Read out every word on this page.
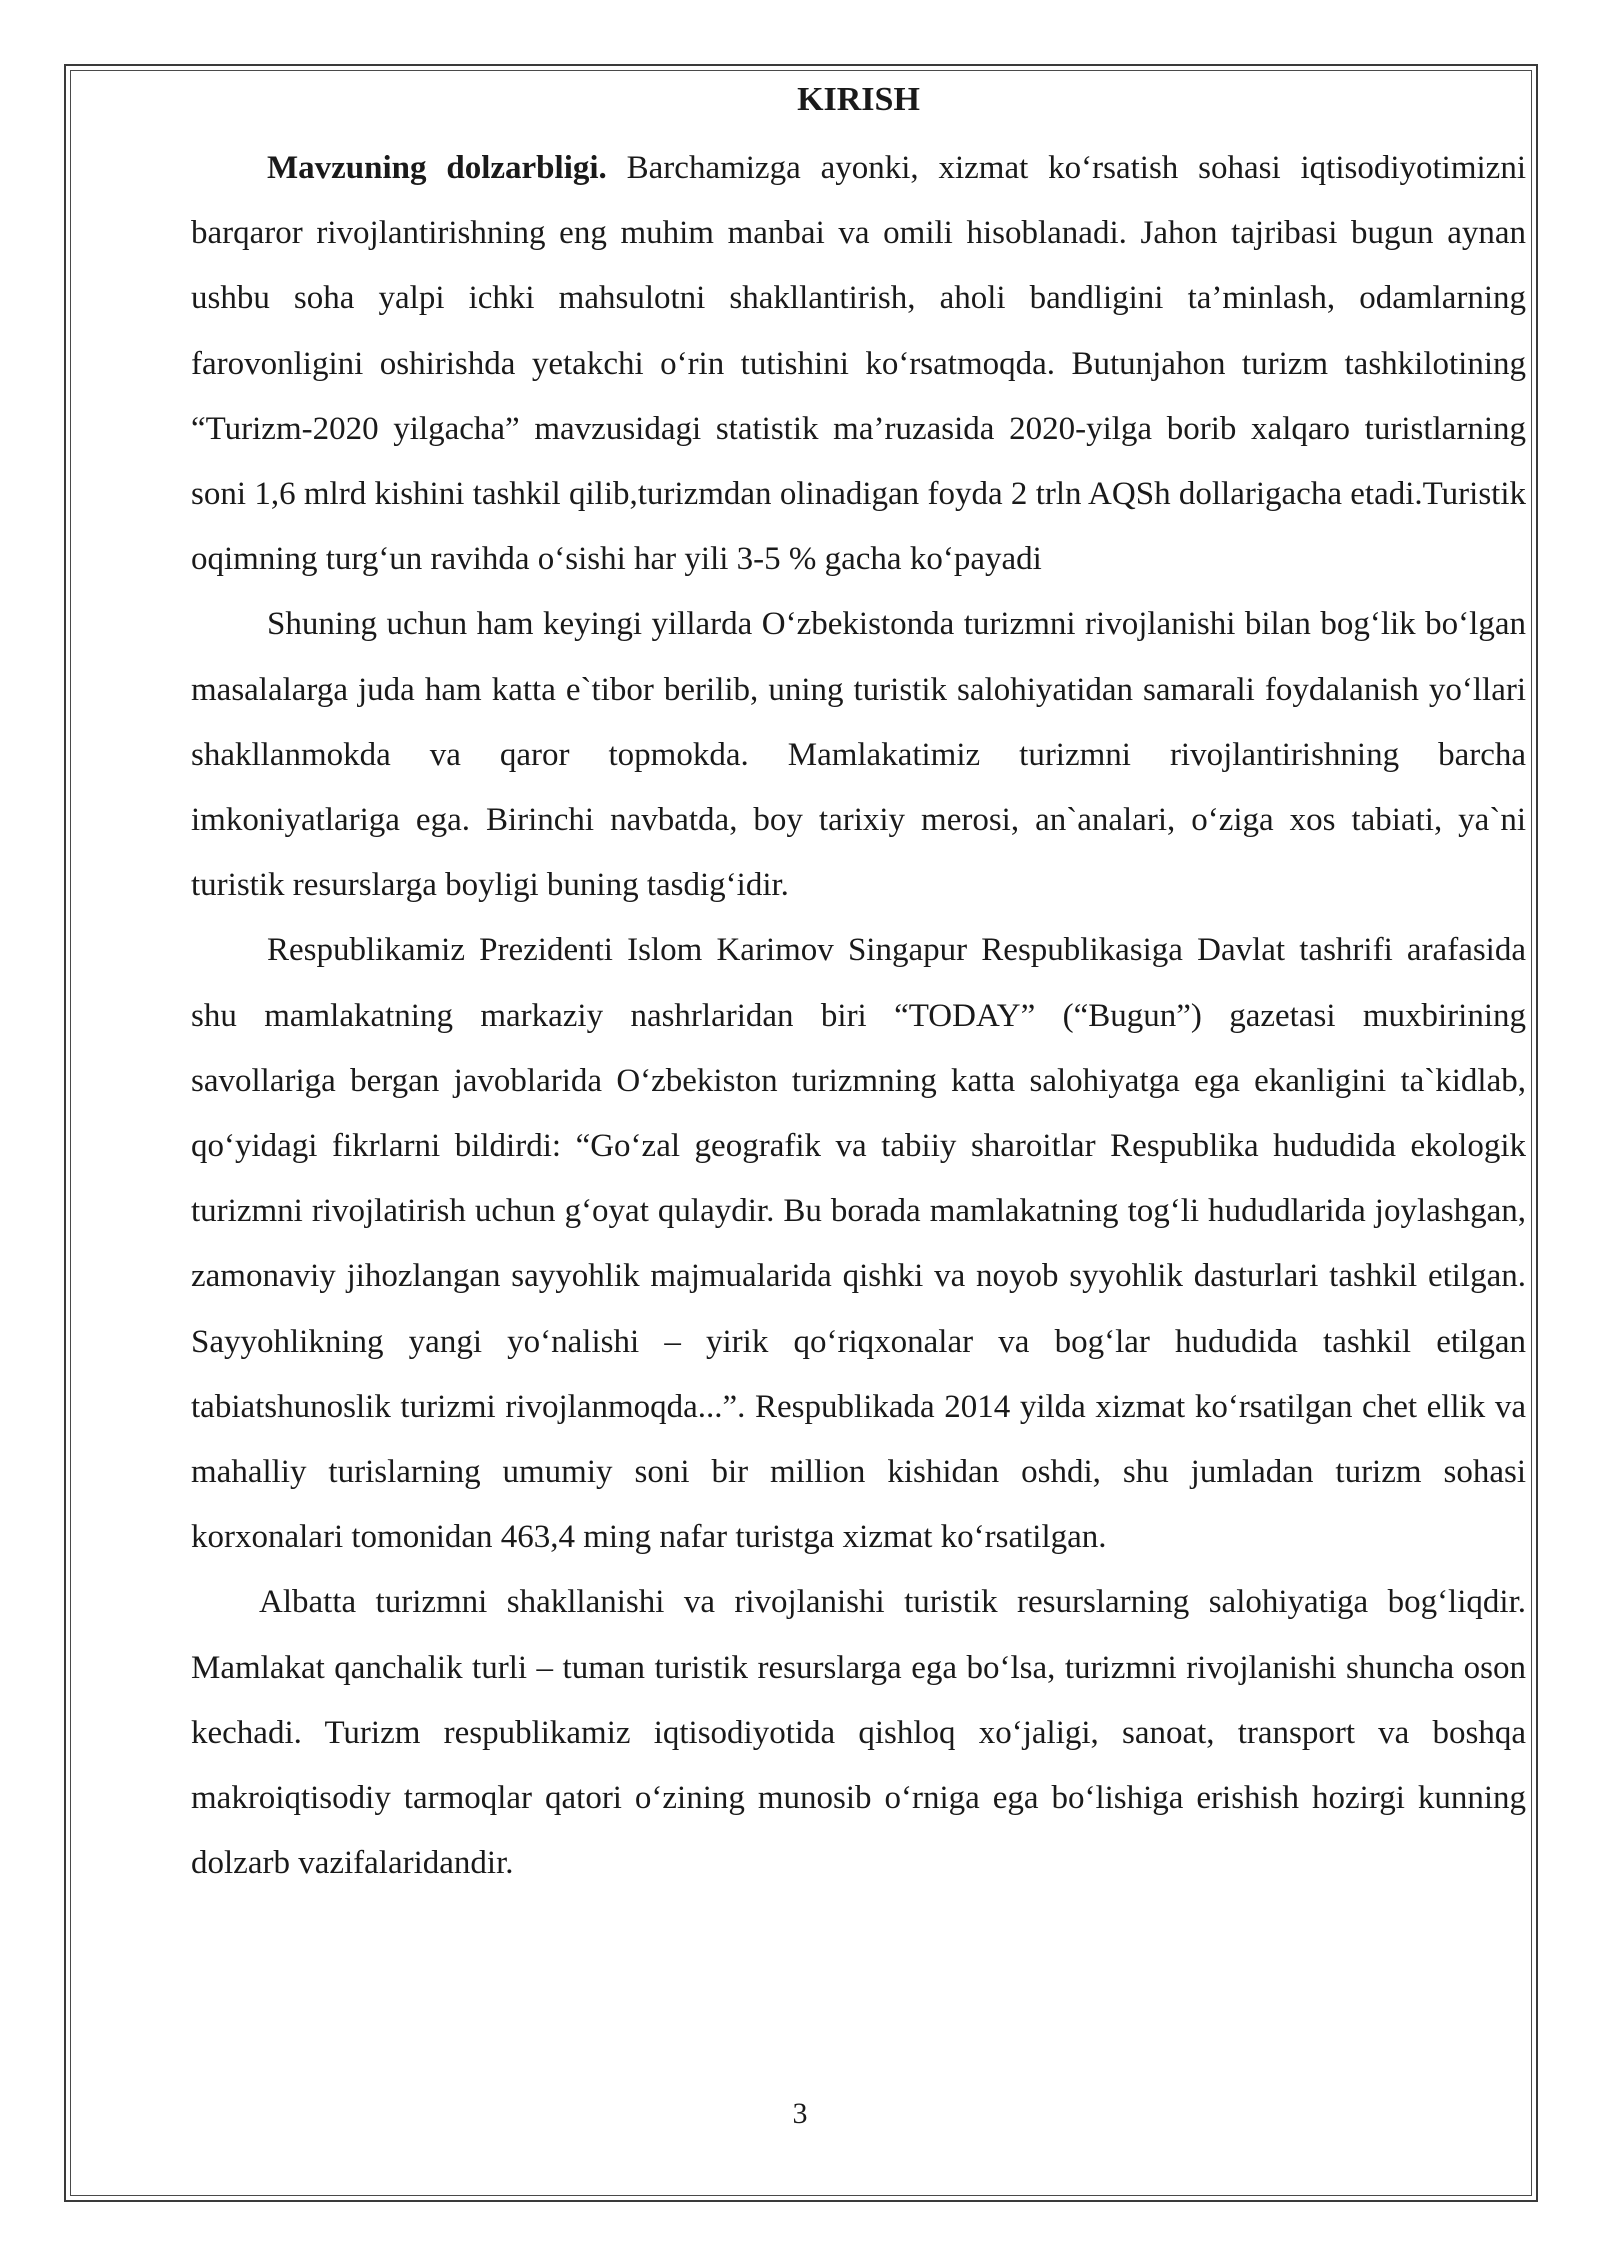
KIRISH

Mavzuning dolzarbligi. Barchamizga ayonki, xizmat ko‘rsatish sohasi iqtisodiyotimizni barqaror rivojlantirishning eng muhim manbai va omili hisoblanadi. Jahon tajribasi bugun aynan ushbu soha yalpi ichki mahsulotni shakllantirish, aholi bandligini ta’minlash, odamlarning farovonligini oshirishda yetakchi o‘rin tutishini ko‘rsatmoqda. Butunjahon turizm tashkilotining “Turizm-2020 yilgacha” mavzusidagi statistik ma’ruzasida 2020-yilga borib xalqaro turistlarning soni 1,6 mlrd kishini tashkil qilib,turizmdan olinadigan foyda 2 trln AQSh dollarigacha etadi.Turistik oqimning turg‘un ravihda o‘sishi har yili 3-5 % gacha ko‘payadi

Shuning uchun ham keyingi yillarda O‘zbekistonda turizmni rivojlanishi bilan bog‘lik bo‘lgan masalalarga juda ham katta e`tibor berilib, uning turistik salohiyatidan samarali foydalanish yo‘llari shakllanmokda va qaror topmokda. Mamlakatimiz turizmni rivojlantirishning barcha imkoniyatlariga ega. Birinchi navbatda, boy tarixiy merosi, an`analari, o‘ziga xos tabiati, ya`ni turistik resurslarga boyligi buning tasdig‘idir.

Respublikamiz Prezidenti Islom Karimov Singapur Respublikasiga Davlat tashrifi arafasida shu mamlakatning markaziy nashrlaridan biri “TODAY” (“Bugun”) gazetasi muxbirining savollariga bergan javoblarida O‘zbekiston turizmning katta salohiyatga ega ekanligini ta`kidlab, qo‘yidagi fikrlarni bildirdi: “Go‘zal geografik va tabiiy sharoitlar Respublika hududida ekologik turizmni rivojlatirish uchun g‘oyat qulaydir. Bu borada mamlakatning tog‘li hududlarida joylashgan, zamonaviy jihozlangan sayyohlik majmualarida qishki va noyob syyohlik dasturlari tashkil etilgan. Sayyohlikning yangi yo‘nalishi – yirik qo‘riqxonalar va bog‘lar hududida tashkil etilgan tabiatshunoslik turizmi rivojlanmoqda...”. Respublikada 2014 yilda xizmat ko‘rsatilgan chet ellik va mahalliy turislarning umumiy soni bir million kishidan oshdi, shu jumladan turizm sohasi korxonalari tomonidan 463,4 ming nafar turistga xizmat ko‘rsatilgan.

Albatta turizmni shakllanishi va rivojlanishi turistik resurslarning salohiyatiga bog‘liqdir. Mamlakat qanchalik turli – tuman turistik resurslarga ega bo‘lsa, turizmni rivojlanishi shuncha oson kechadi. Turizm respublikamiz iqtisodiyotida qishloq xo‘jaligi, sanoat, transport va boshqa makroiqtisodiy tarmoqlar qatori o‘zining munosib o‘rniga ega bo‘lishiga erishish hozirgi kunning dolzarb vazifalaridandir.

3
